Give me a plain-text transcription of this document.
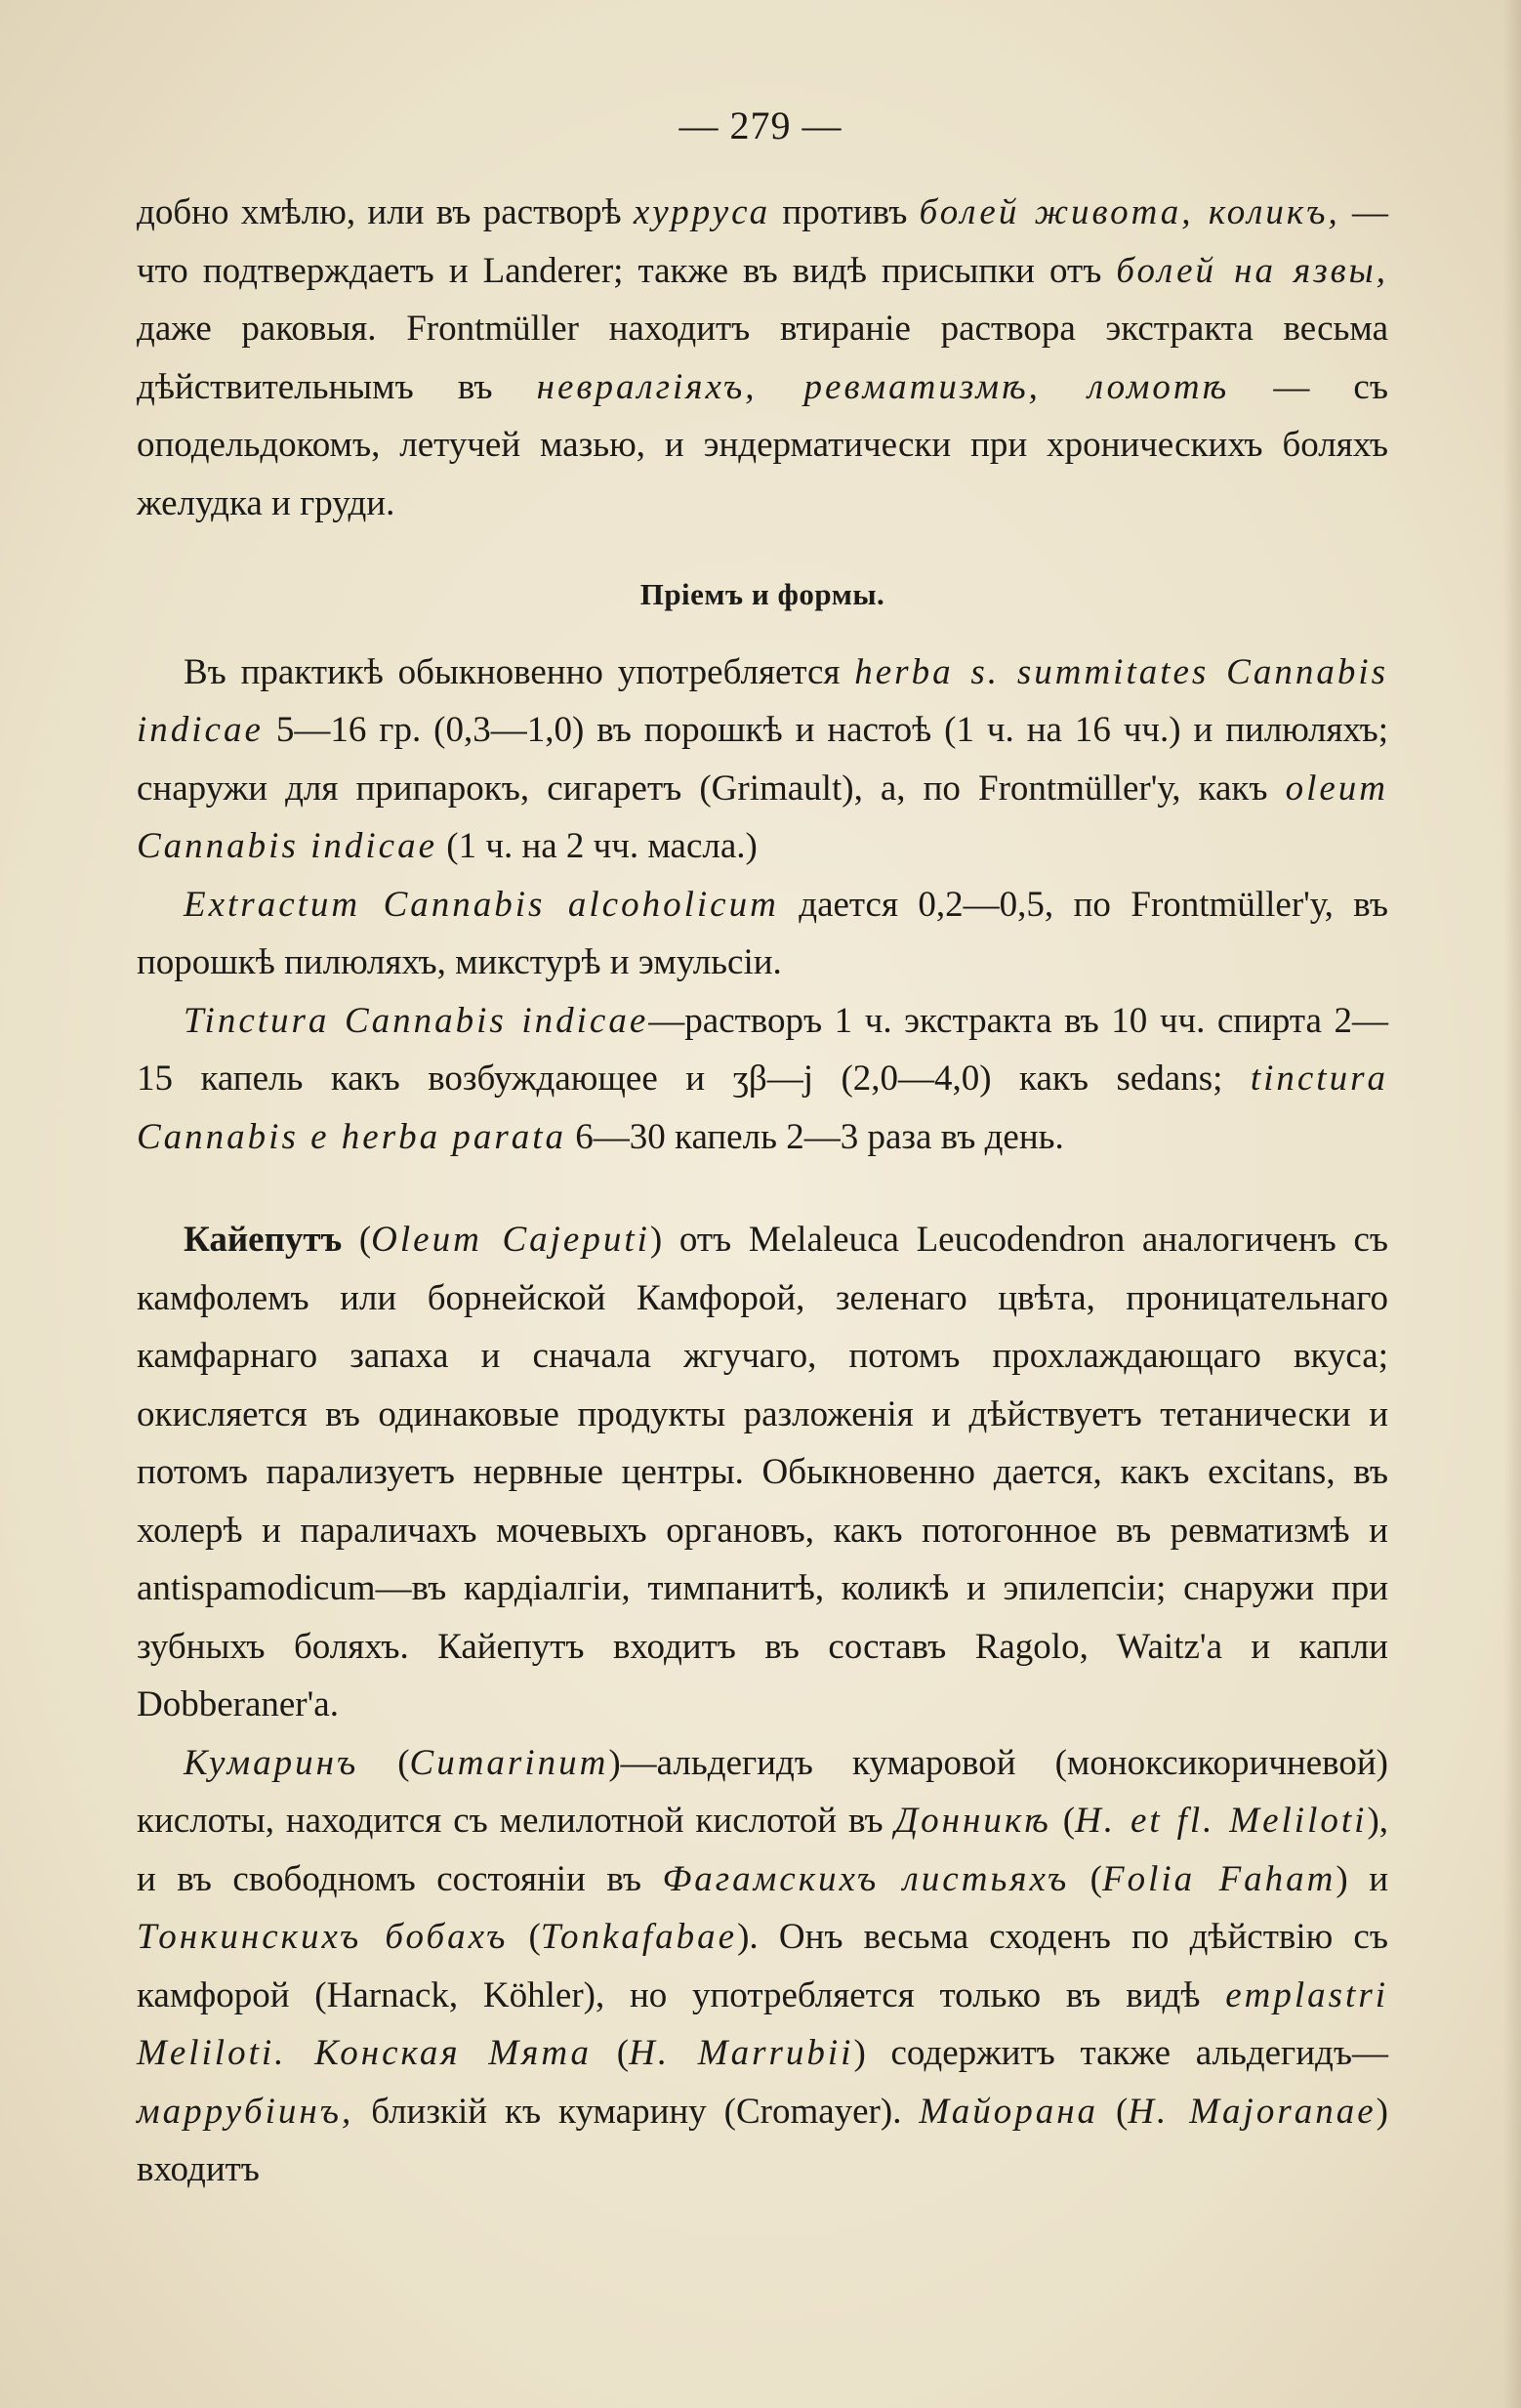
— 279 —

добно хмѣлю, или въ растворѣ хурруса противъ болей живота, коликъ, — что подтверждаетъ и Landerer; также въ видѣ присыпки отъ болей на язвы, даже раковыя. Frontmüller находитъ втираніе раствора экстракта весьма дѣйствительнымъ въ невралгіяхъ, ревматизмѣ, ломотѣ — съ оподельдокомъ, летучей мазью, и эндерматически при хроническихъ боляхъ желудка и груди.

Пріемъ и формы.

Въ практикѣ обыкновенно употребляется herba s. summitates Cannabis indicae 5—16 гр. (0,3—1,0) въ порошкѣ и настоѣ (1 ч. на 16 чч.) и пилюляхъ; снаружи для припарокъ, сигаретъ (Grimault), а, по Frontmüller'у, какъ oleum Cannabis indicae (1 ч. на 2 чч. масла.)

Extractum Cannabis alcoholicum дается 0,2—0,5, по Frontmüller'у, въ порошкѣ пилюляхъ, микстурѣ и эмульсіи.

Tinctura Cannabis indicae—растворъ 1 ч. экстракта въ 10 чч. спирта 2—15 капель какъ возбуждающее и ʒβ—j (2,0—4,0) какъ sedans; tinctura Cannabis e herba parata 6—30 капель 2—3 раза въ день.

Кайепутъ (Oleum Cajeputi) отъ Melaleuca Leucodendron аналогиченъ съ камфолемъ или борнейской Камфорой, зеленаго цвѣта, проницательнаго камфарнаго запаха и сначала жгучаго, потомъ прохлаждающаго вкуса; окисляется въ одинаковые продукты разложенія и дѣйствуетъ тетанически и потомъ парализуетъ нервные центры. Обыкновенно дается, какъ excitans, въ холерѣ и параличахъ мочевыхъ органовъ, какъ потогонное въ ревматизмѣ и antispamodicum—въ кардіалгіи, тимпанитѣ, коликѣ и эпилепсіи; снаружи при зубныхъ боляхъ. Кайепутъ входитъ въ составъ Ragolo, Waitz'а и капли Dobberaner'а.

Кумаринъ (Cumarinum)—альдегидъ кумаровой (моноксикоричневой) кислоты, находится съ мелилотной кислотой въ Донникѣ (H. et fl. Meliloti), и въ свободномъ состояніи въ Фагамскихъ листьяхъ (Folia Faham) и Тонкинскихъ бобахъ (Tonkafabae). Онъ весьма сходенъ по дѣйствію съ камфорой (Harnack, Köhler), но употребляется только въ видѣ emplastri Meliloti. Конская Мята (H. Marrubii) содержитъ также альдегидъ—маррубіинъ, близкій къ кумарину (Cromayer). Майорана (H. Majoranae) входитъ
